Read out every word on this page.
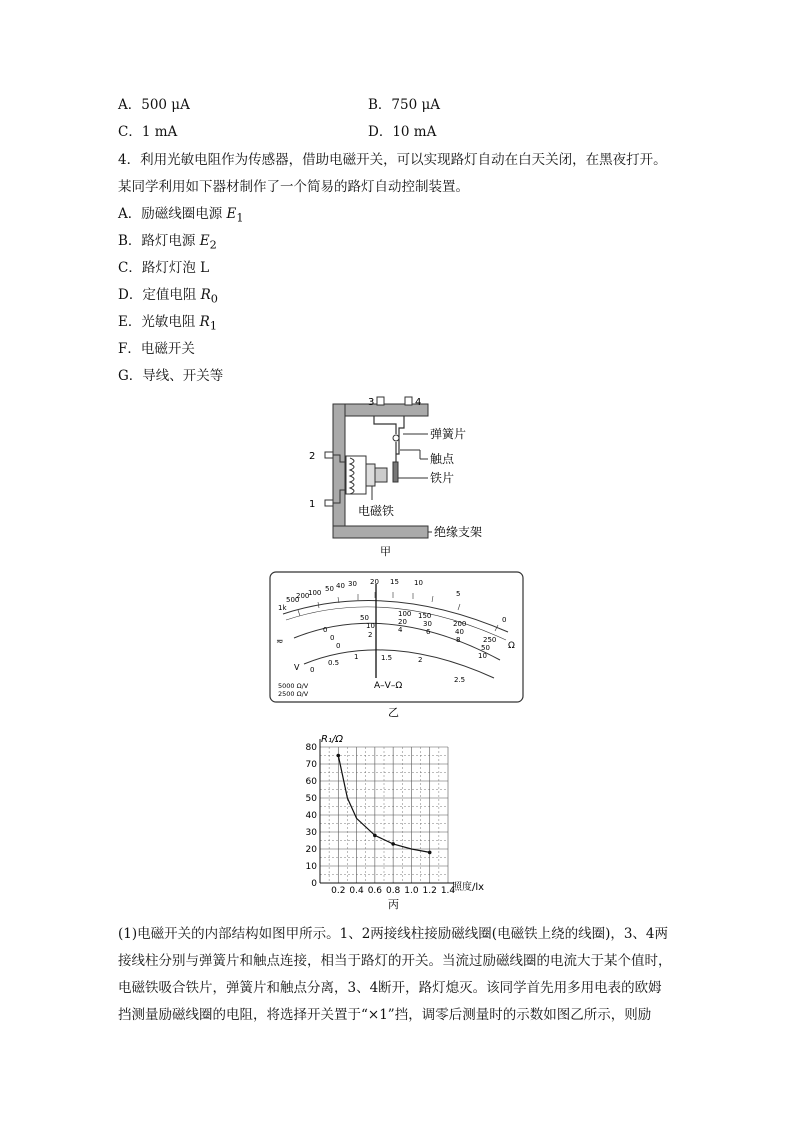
A．500 μA	B．750 μA
C．1 mA	D．10 mA
4．利用光敏电阻作为传感器，借助电磁开关，可以实现路灯自动在白天关闭，在黑夜打开。
某同学利用如下器材制作了一个简易的路灯自动控制装置。
A．励磁线圈电源 $E_1$
B．路灯电源 $E_2$
C．路灯灯泡 L
D．定值电阻 $R_0$
E．光敏电阻 $R_1$
F．电磁开关
G．导线、开关等
3	4
2
1
弹簧片
触点
铁片
电磁铁
绝缘支架
甲
1k
500
200
100 50 40 30 20 15 10
5
0
Ω
0
50	100 150
200
250
0
10	20 30
40
50
0
2
4	6
8
10
0
0.5
1	1.5	2
2.5
≂
V
A–V–Ω
5000 Ω/V
2500 Ω/V
乙
0
10
20
30
40
50
60
70
80
0.2 0.4 0.6 0.8 1.0 1.2 1.4
R₁/Ω
照度/lx
丙
(1)电磁开关的内部结构如图甲所示。1、2两接线柱接励磁线圈(电磁铁上绕的线圈)，3、4两
接线柱分别与弹簧片和触点连接，相当于路灯的开关。当流过励磁线圈的电流大于某个值时，
电磁铁吸合铁片，弹簧片和触点分离，3、4断开，路灯熄灭。该同学首先用多用电表的欧姆
挡测量励磁线圈的电阻，将选择开关置于“×1”挡，调零后测量时的示数如图乙所示，则励
